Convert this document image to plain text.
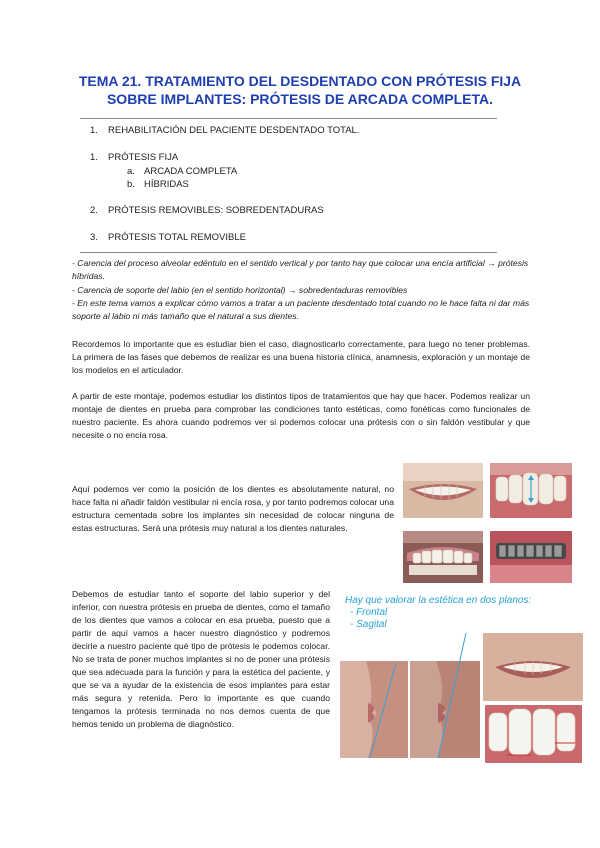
TEMA 21. TRATAMIENTO DEL DESDENTADO CON PRÓTESIS FIJA
SOBRE IMPLANTES: PRÓTESIS DE ARCADA COMPLETA.
1. REHABILITACIÓN DEL PACIENTE DESDENTADO TOTAL.
1. PRÓTESIS FIJA
a. ARCADA COMPLETA
b. HÍBRIDAS
2. PRÓTESIS REMOVIBLES: SOBREDENTADURAS
3. PRÓTESIS TOTAL REMOVIBLE
- Carencia del proceso alveolar edéntulo en el sentido vertical y por tanto hay que colocar una encía artificial → prótesis híbridas.
- Carencia de soporte del labio (en el sentido horizontal) → sobredentaduras removibles
- En este tema vamos a explicar cómo vamos a tratar a un paciente desdentado total cuando no le hace falta ni dar más soporte al labio ni más tamaño que el natural a sus dientes.
Recordemos lo importante que es estudiar bien el caso, diagnosticarlo correctamente, para luego no tener problemas. La primera de las fases que debemos de realizar es una buena historia clínica, anamnesis, exploración y un montaje de los modelos en el articulador.
A partir de este montaje, podemos estudiar los distintos tipos de tratamientos que hay que hacer. Podemos realizar un montaje de dientes en prueba para comprobar las condiciones tanto estéticas, como fonéticas como funcionales de nuestro paciente. Es ahora cuando podremos ver si podemos colocar una prótesis con o sin faldón vestibular y que necesite o no encía rosa.
Aquí podemos ver como la posición de los dientes es absolutamente natural, no hace falta ni añadir faldón vestibular ni encía rosa, y por tanto podremos colocar una estructura cementada sobre los implantes sin necesidad de colocar ninguna de estas estructuras. Será una prótesis muy natural a los dientes naturales.
Debemos de estudiar tanto el soporte del labio superior y del inferior, con nuestra prótesis en prueba de dientes, como el tamaño de los dientes que vamos a colocar en esa prueba, puesto que a partir de aquí vamos a hacer nuestro diagnóstico y podremos decirle a nuestro paciente qué tipo de prótesis le podemos colocar. No se trata de poner muchos implantes si no de poner una prótesis que sea adecuada para la función y para la estética del paciente, y que se va a ayudar de la existencia de esos implantes para estar más segura y retenida. Pero lo importante es que cuando tengamos la prótesis terminada no nos demos cuenta de que hemos tenido un problema de diagnóstico.
Hay que valorar la estética en dos planos:
- Frontal
- Sagital
